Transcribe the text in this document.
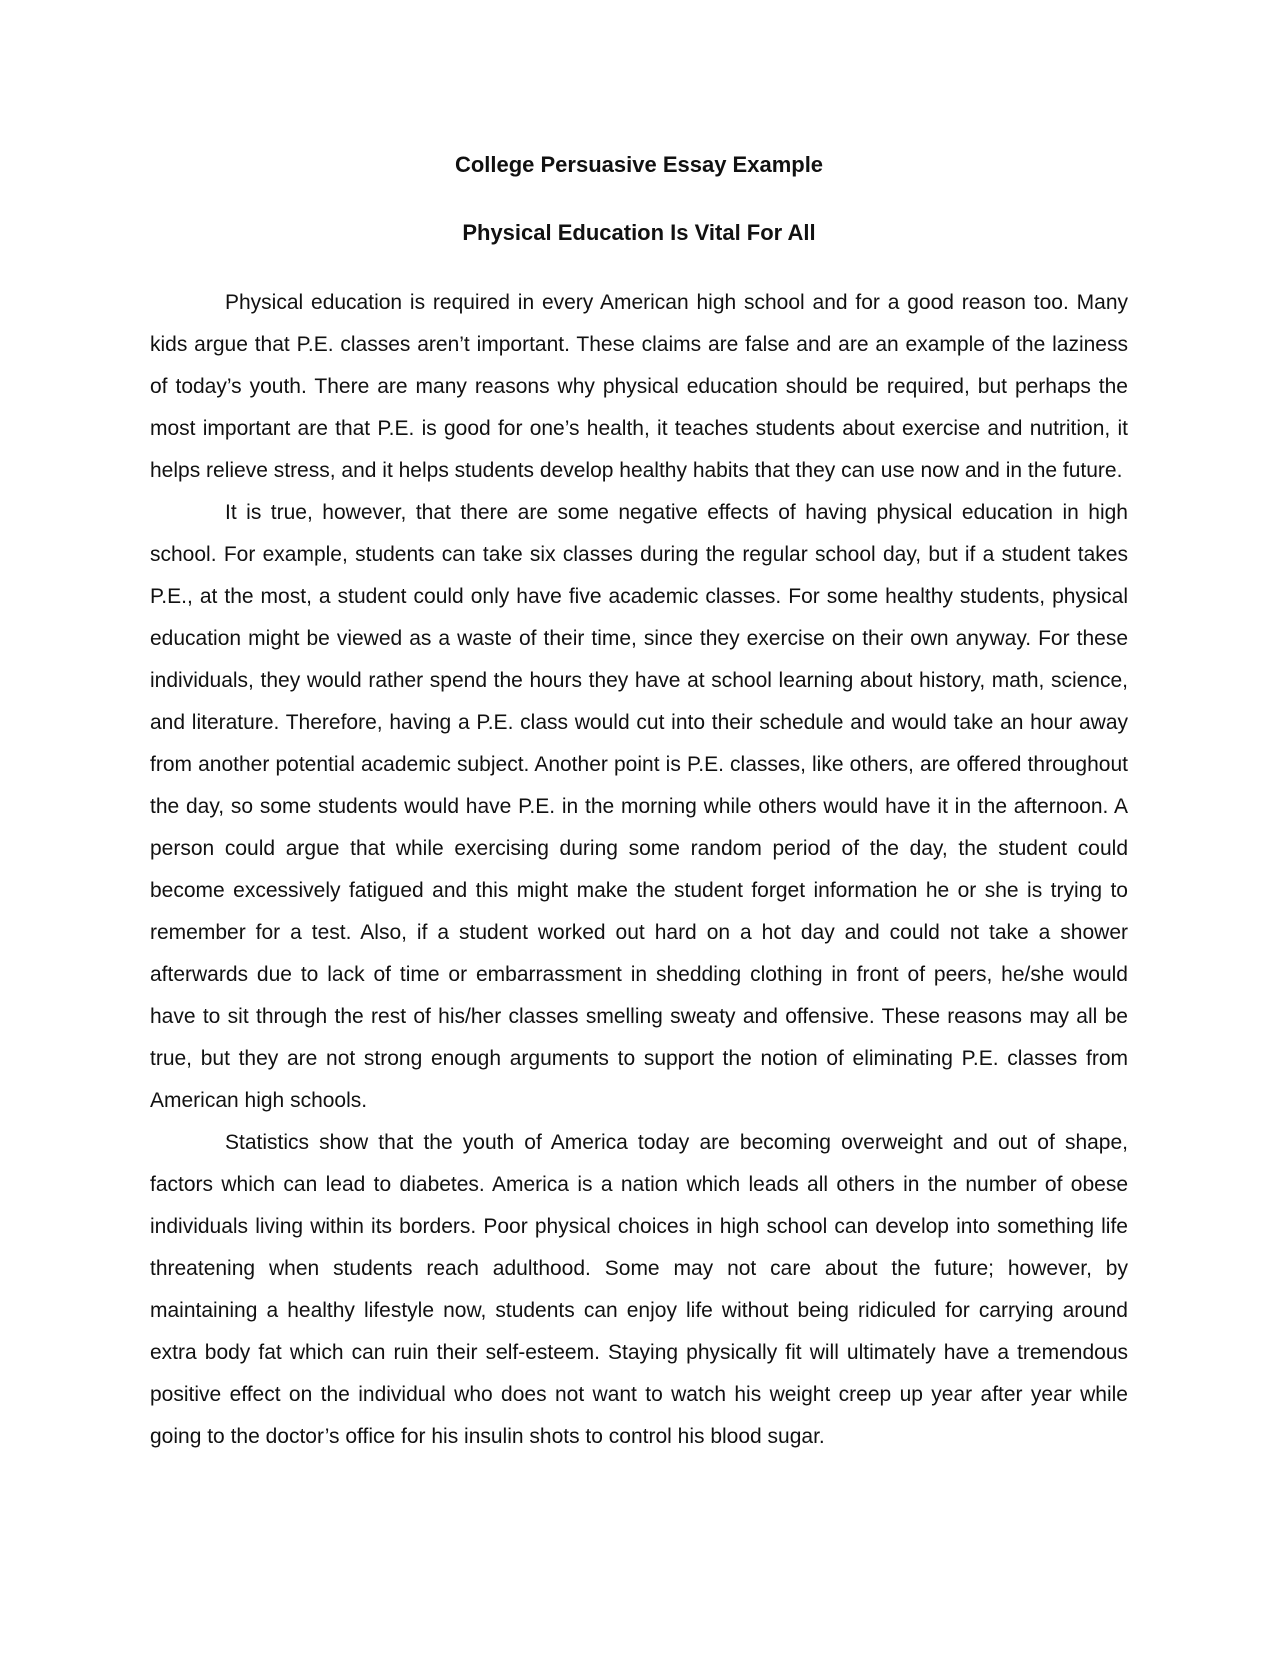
College Persuasive Essay Example
Physical Education Is Vital For All

Physical education is required in every American high school and for a good reason too. Many kids argue that P.E. classes aren’t important. These claims are false and are an example of the laziness of today’s youth. There are many reasons why physical education should be required, but perhaps the most important are that P.E. is good for one’s health, it teaches students about exercise and nutrition, it helps relieve stress, and it helps students develop healthy habits that they can use now and in the future.

It is true, however, that there are some negative effects of having physical education in high school. For example, students can take six classes during the regular school day, but if a student takes P.E., at the most, a student could only have five academic classes. For some healthy students, physical education might be viewed as a waste of their time, since they exercise on their own anyway. For these individuals, they would rather spend the hours they have at school learning about history, math, science, and literature. Therefore, having a P.E. class would cut into their schedule and would take an hour away from another potential academic subject. Another point is P.E. classes, like others, are offered throughout the day, so some students would have P.E. in the morning while others would have it in the afternoon. A person could argue that while exercising during some random period of the day, the student could become excessively fatigued and this might make the student forget information he or she is trying to remember for a test. Also, if a student worked out hard on a hot day and could not take a shower afterwards due to lack of time or embarrassment in shedding clothing in front of peers, he/she would have to sit through the rest of his/her classes smelling sweaty and offensive. These reasons may all be true, but they are not strong enough arguments to support the notion of eliminating P.E. classes from American high schools.

Statistics show that the youth of America today are becoming overweight and out of shape, factors which can lead to diabetes. America is a nation which leads all others in the number of obese individuals living within its borders. Poor physical choices in high school can develop into something life threatening when students reach adulthood. Some may not care about the future; however, by maintaining a healthy lifestyle now, students can enjoy life without being ridiculed for carrying around extra body fat which can ruin their self-esteem. Staying physically fit will ultimately have a tremendous positive effect on the individual who does not want to watch his weight creep up year after year while going to the doctor’s office for his insulin shots to control his blood sugar.
